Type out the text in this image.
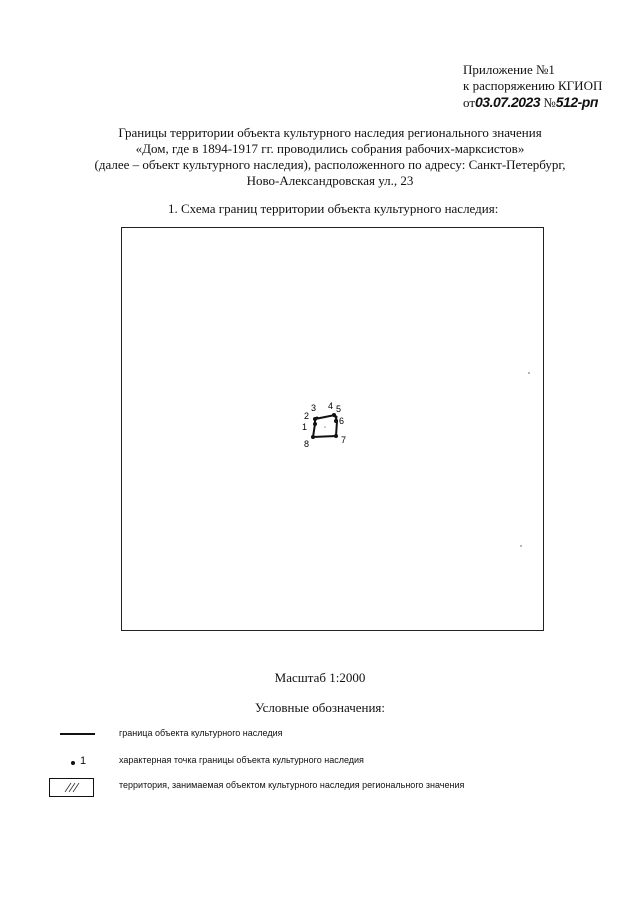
Приложение №1
к распоряжению КГИОП
от03.07.2023 №512-рп
Границы территории объекта культурного наследия регионального значения
«Дом, где в 1894-1917 гг. проводились собрания рабочих-марксистов»
(далее – объект культурного наследия), расположенного по адресу: Санкт-Петербург,
Ново-Александровская ул., 23
1. Схема границ территории объекта культурного наследия:
1
2
3 4 5
6
7
8
Масштаб 1:2000
Условные обозначения:
граница объекта культурного наследия
1	характерная точка границы объекта культурного наследия
территория, занимаемая объектом культурного наследия регионального значения
